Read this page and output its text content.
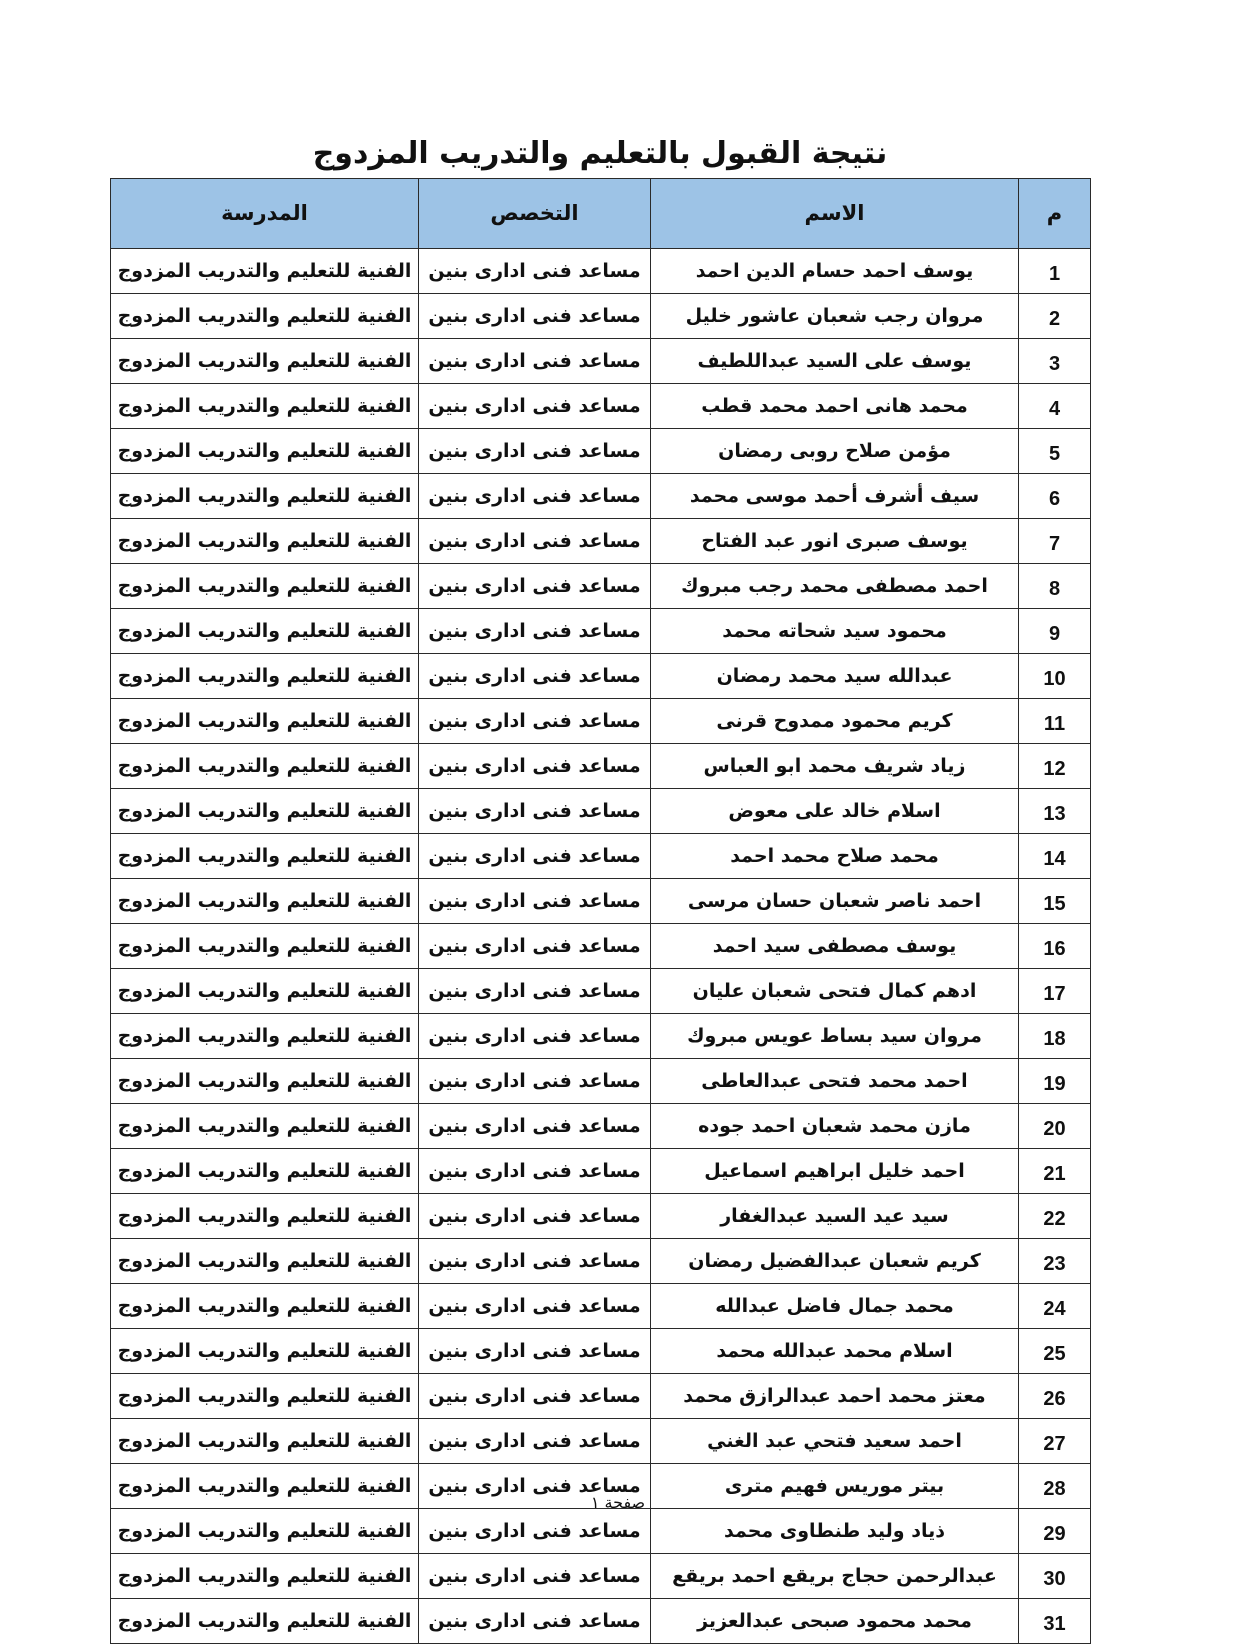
نتيجة القبول بالتعليم والتدريب المزدوج
م	الاسم	التخصص	المدرسة
1	يوسف احمد حسام الدين احمد	مساعد فنى ادارى بنين	الفنية للتعليم والتدريب المزدوج
2	مروان رجب شعبان عاشور خليل	مساعد فنى ادارى بنين	الفنية للتعليم والتدريب المزدوج
3	يوسف على السيد عبداللطيف	مساعد فنى ادارى بنين	الفنية للتعليم والتدريب المزدوج
4	محمد هانى احمد محمد قطب	مساعد فنى ادارى بنين	الفنية للتعليم والتدريب المزدوج
5	مؤمن صلاح روبى رمضان	مساعد فنى ادارى بنين	الفنية للتعليم والتدريب المزدوج
6	سيف أشرف أحمد موسى محمد	مساعد فنى ادارى بنين	الفنية للتعليم والتدريب المزدوج
7	يوسف صبرى انور عبد الفتاح	مساعد فنى ادارى بنين	الفنية للتعليم والتدريب المزدوج
8	احمد مصطفى محمد رجب مبروك	مساعد فنى ادارى بنين	الفنية للتعليم والتدريب المزدوج
9	محمود سيد شحاته محمد	مساعد فنى ادارى بنين	الفنية للتعليم والتدريب المزدوج
10	عبدالله سيد محمد رمضان	مساعد فنى ادارى بنين	الفنية للتعليم والتدريب المزدوج
11	كريم محمود ممدوح قرنى	مساعد فنى ادارى بنين	الفنية للتعليم والتدريب المزدوج
12	زياد شريف محمد ابو العباس	مساعد فنى ادارى بنين	الفنية للتعليم والتدريب المزدوج
13	اسلام خالد على معوض	مساعد فنى ادارى بنين	الفنية للتعليم والتدريب المزدوج
14	محمد صلاح محمد احمد	مساعد فنى ادارى بنين	الفنية للتعليم والتدريب المزدوج
15	احمد ناصر شعبان حسان مرسى	مساعد فنى ادارى بنين	الفنية للتعليم والتدريب المزدوج
16	يوسف مصطفى سيد احمد	مساعد فنى ادارى بنين	الفنية للتعليم والتدريب المزدوج
17	ادهم كمال فتحى شعبان عليان	مساعد فنى ادارى بنين	الفنية للتعليم والتدريب المزدوج
18	مروان سيد بساط عويس مبروك	مساعد فنى ادارى بنين	الفنية للتعليم والتدريب المزدوج
19	احمد محمد فتحى عبدالعاطى	مساعد فنى ادارى بنين	الفنية للتعليم والتدريب المزدوج
20	مازن محمد شعبان احمد جوده	مساعد فنى ادارى بنين	الفنية للتعليم والتدريب المزدوج
21	احمد خليل ابراهيم اسماعيل	مساعد فنى ادارى بنين	الفنية للتعليم والتدريب المزدوج
22	سيد عيد السيد عبدالغفار	مساعد فنى ادارى بنين	الفنية للتعليم والتدريب المزدوج
23	كريم شعبان عبدالفضيل رمضان	مساعد فنى ادارى بنين	الفنية للتعليم والتدريب المزدوج
24	محمد جمال فاضل عبدالله	مساعد فنى ادارى بنين	الفنية للتعليم والتدريب المزدوج
25	اسلام محمد عبدالله محمد	مساعد فنى ادارى بنين	الفنية للتعليم والتدريب المزدوج
26	معتز محمد احمد عبدالرازق محمد	مساعد فنى ادارى بنين	الفنية للتعليم والتدريب المزدوج
27	احمد سعيد فتحي عبد الغني	مساعد فنى ادارى بنين	الفنية للتعليم والتدريب المزدوج
28	بيتر موريس فهيم مترى	مساعد فنى ادارى بنين	الفنية للتعليم والتدريب المزدوج
29	ذياد وليد طنطاوى محمد	مساعد فنى ادارى بنين	الفنية للتعليم والتدريب المزدوج
30	عبدالرحمن حجاج بريقع احمد بريقع	مساعد فنى ادارى بنين	الفنية للتعليم والتدريب المزدوج
31	محمد محمود صبحى عبدالعزيز	مساعد فنى ادارى بنين	الفنية للتعليم والتدريب المزدوج
صفحة ١
